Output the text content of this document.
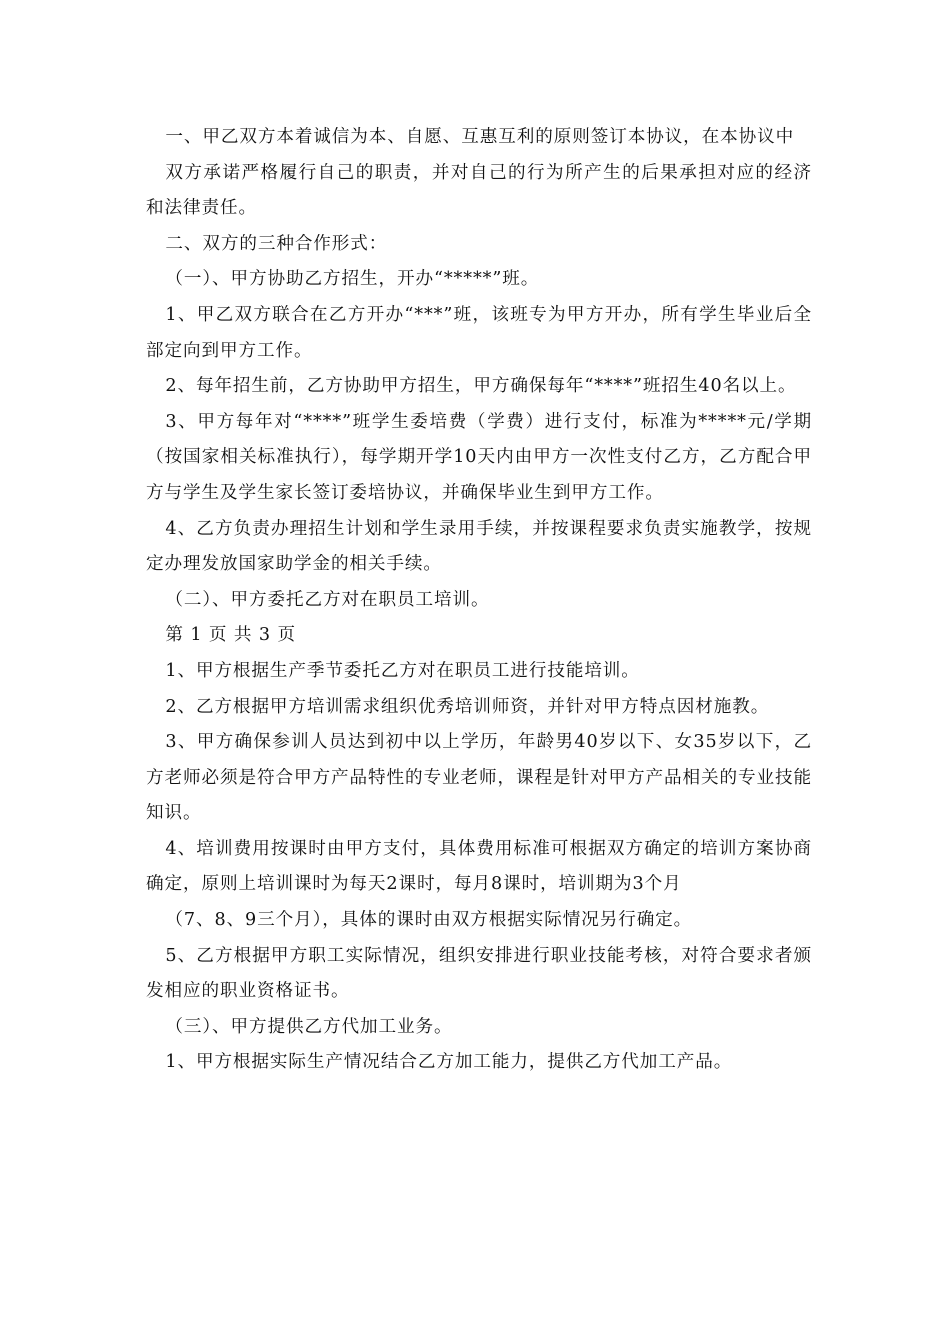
一、甲乙双方本着诚信为本、自愿、互惠互利的原则签订本协议，在本协议中

双方承诺严格履行自己的职责，并对自己的行为所产生的后果承担对应的经济和法律责任。

二、双方的三种合作形式：

（一）、甲方协助乙方招生，开办“*****”班。

1、甲乙双方联合在乙方开办“***”班，该班专为甲方开办，所有学生毕业后全部定向到甲方工作。

2、每年招生前，乙方协助甲方招生，甲方确保每年“****”班招生40名以上。

3、甲方每年对“****”班学生委培费（学费）进行支付，标准为*****元/学期（按国家相关标准执行），每学期开学10天内由甲方一次性支付乙方，乙方配合甲方与学生及学生家长签订委培协议，并确保毕业生到甲方工作。

4、乙方负责办理招生计划和学生录用手续，并按课程要求负责实施教学，按规定办理发放国家助学金的相关手续。

（二）、甲方委托乙方对在职员工培训。

第 1 页 共 3 页

1、甲方根据生产季节委托乙方对在职员工进行技能培训。

2、乙方根据甲方培训需求组织优秀培训师资，并针对甲方特点因材施教。

3、甲方确保参训人员达到初中以上学历，年龄男40岁以下、女35岁以下，乙方老师必须是符合甲方产品特性的专业老师，课程是针对甲方产品相关的专业技能知识。

4、培训费用按课时由甲方支付，具体费用标准可根据双方确定的培训方案协商确定，原则上培训课时为每天2课时，每月8课时，培训期为3个月

（7、8、9三个月），具体的课时由双方根据实际情况另行确定。

5、乙方根据甲方职工实际情况，组织安排进行职业技能考核，对符合要求者颁发相应的职业资格证书。

（三）、甲方提供乙方代加工业务。

1、甲方根据实际生产情况结合乙方加工能力，提供乙方代加工产品。
